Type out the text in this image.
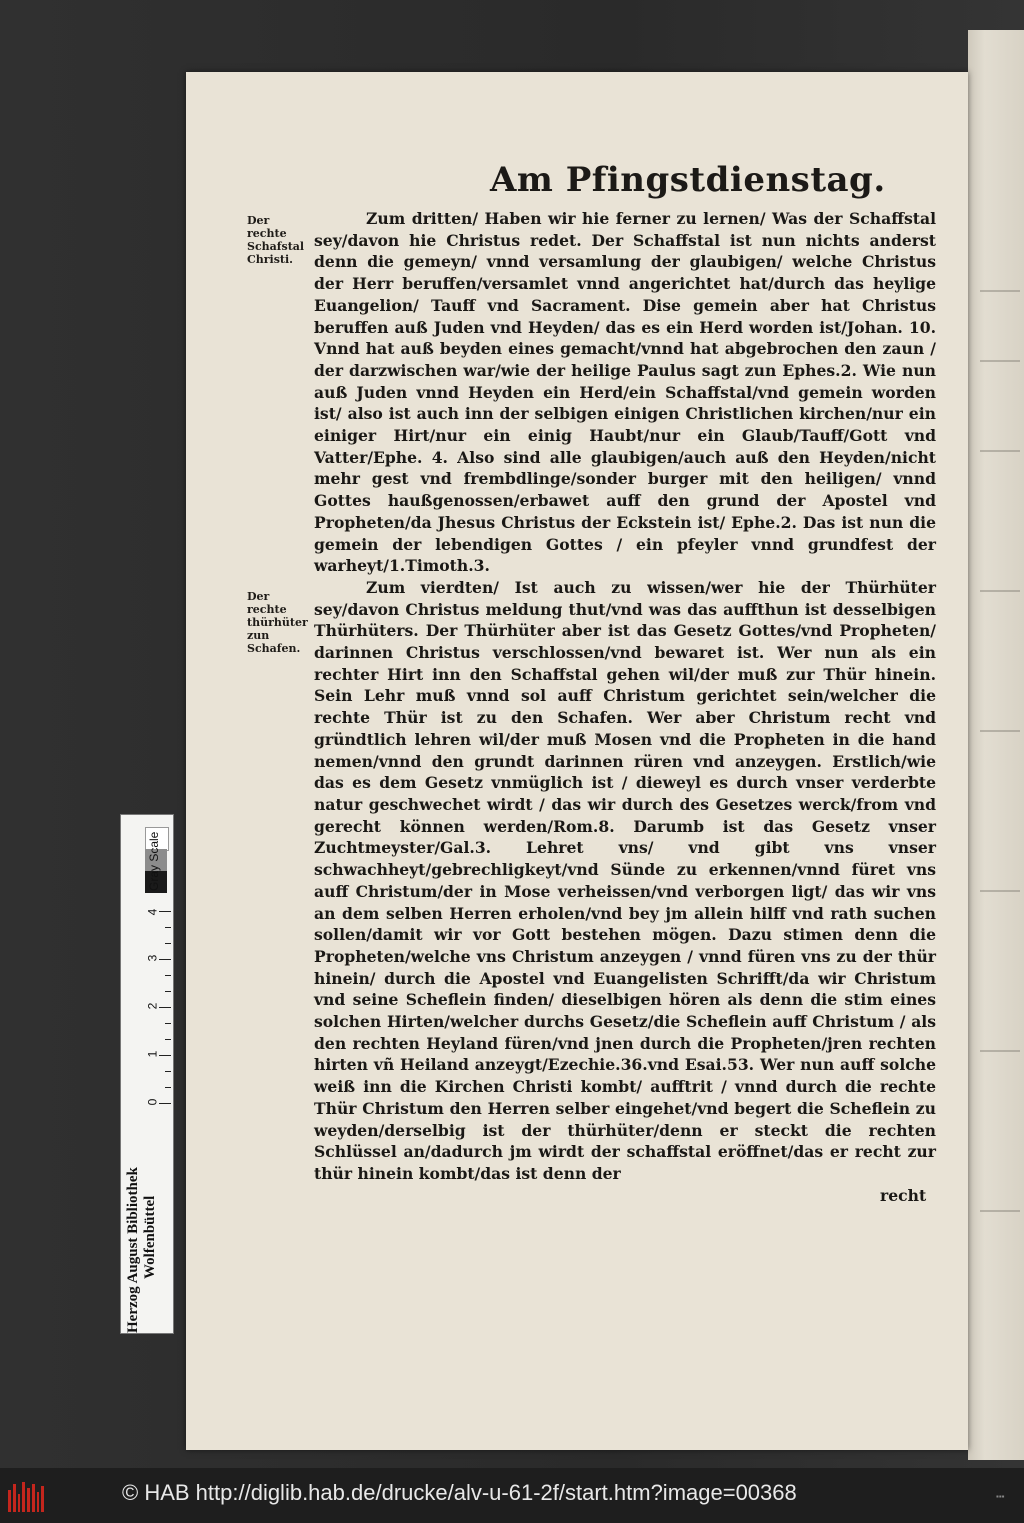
Am Pfingstdienstag.
Der rechte Schafstal Christi.
Der rechte thürhüter zun Schafen.

Zum dritten/ Haben wir hie ferner zu lernen/ Was der Schaffstal sey/davon hie Christus redet. Der Schaffstal ist nun nichts anderst denn die gemeyn/ vnnd versamlung der glaubigen/ welche Christus der Herr beruffen/versamlet vnnd angerichtet hat/durch das heylige Euangelion/ Tauff vnd Sacrament. Dise gemein aber hat Christus beruffen auß Juden vnd Heyden/ das es ein Herd worden ist/Johan. 10. Vnnd hat auß beyden eines gemacht/vnnd hat abgebrochen den zaun / der darzwischen war/wie der heilige Paulus sagt zun Ephes.2. Wie nun auß Juden vnnd Heyden ein Herd/ein Schaffstal/vnd gemein worden ist/ also ist auch inn der selbigen einigen Christlichen kirchen/nur ein einiger Hirt/nur ein einig Haubt/nur ein Glaub/Tauff/Gott vnd Vatter/Ephe. 4. Also sind alle glaubigen/auch auß den Heyden/nicht mehr gest vnd frembdlinge/sonder burger mit den heiligen/ vnnd Gottes haußgenossen/erbawet auff den grund der Apostel vnd Propheten/da Jhesus Christus der Eckstein ist/ Ephe.2. Das ist nun die gemein der lebendigen Gottes / ein pfeyler vnnd grundfest der warheyt/1.Timoth.3.

Zum vierdten/ Ist auch zu wissen/wer hie der Thürhüter sey/davon Christus meldung thut/vnd was das auffthun ist desselbigen Thürhüters. Der Thürhüter aber ist das Gesetz Gottes/vnd Propheten/ darinnen Christus verschlossen/vnd bewaret ist. Wer nun als ein rechter Hirt inn den Schaffstal gehen wil/der muß zur Thür hinein. Sein Lehr muß vnnd sol auff Christum gerichtet sein/welcher die rechte Thür ist zu den Schafen. Wer aber Christum recht vnd gründtlich lehren wil/der muß Mosen vnd die Propheten in die hand nemen/vnnd den grundt darinnen rüren vnd anzeygen. Erstlich/wie das es dem Gesetz vnmüglich ist / dieweyl es durch vnser verderbte natur geschwechet wirdt / das wir durch des Gesetzes werck/from vnd gerecht können werden/Rom.8. Darumb ist das Gesetz vnser Zuchtmeyster/Gal.3. Lehret vns/ vnd gibt vns vnser schwachheyt/gebrechligkeyt/vnd Sünde zu erkennen/vnnd füret vns auff Christum/der in Mose verheissen/vnd verborgen ligt/ das wir vns an dem selben Herren erholen/vnd bey jm allein hilff vnd rath suchen sollen/damit wir vor Gott bestehen mögen. Dazu stimen denn die Propheten/welche vns Christum anzeygen / vnnd füren vns zu der thür hinein/ durch die Apostel vnd Euangelisten Schrifft/da wir Christum vnd seine Scheflein finden/ dieselbigen hören als denn die stim eines solchen Hirten/welcher durchs Gesetz/die Scheflein auff Christum / als den rechten Heyland füren/vnd jnen durch die Propheten/jren rechten hirten vñ Heiland anzeygt/Ezechie.36.vnd Esai.53. Wer nun auff solche weiß inn die Kirchen Christi kombt/ aufftrit / vnnd durch die rechte Thür Christum den Herren selber eingehet/vnd begert die Scheflein zu weyden/derselbig ist der thürhüter/denn er steckt die rechten Schlüssel an/dadurch jm wirdt der schaffstal eröffnet/das er recht zur thür hinein kombt/das ist denn der

recht
Gray Scale
4
3
2
1
0
Herzog August Bibliothek Wolfenbüttel
© HAB http://diglib.hab.de/drucke/alv-u-61-2f/start.htm?image=00368	▪▪▪
